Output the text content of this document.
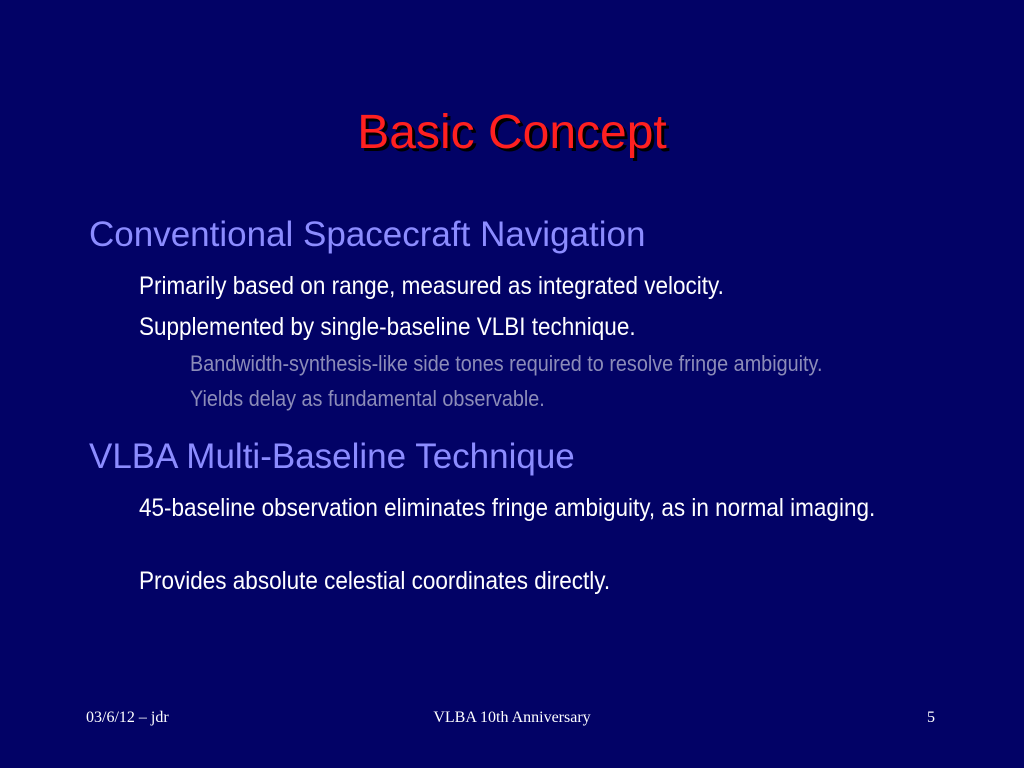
Basic Concept
Conventional Spacecraft Navigation
Primarily based on range, measured as integrated velocity.
Supplemented by single-baseline VLBI technique.
Bandwidth-synthesis-like side tones required to resolve fringe ambiguity.
Yields delay as fundamental observable.
VLBA Multi-Baseline Technique
45-baseline observation eliminates fringe ambiguity, as in normal imaging.
Provides absolute celestial coordinates directly.
03/6/12 – jdr	VLBA 10th Anniversary	5
